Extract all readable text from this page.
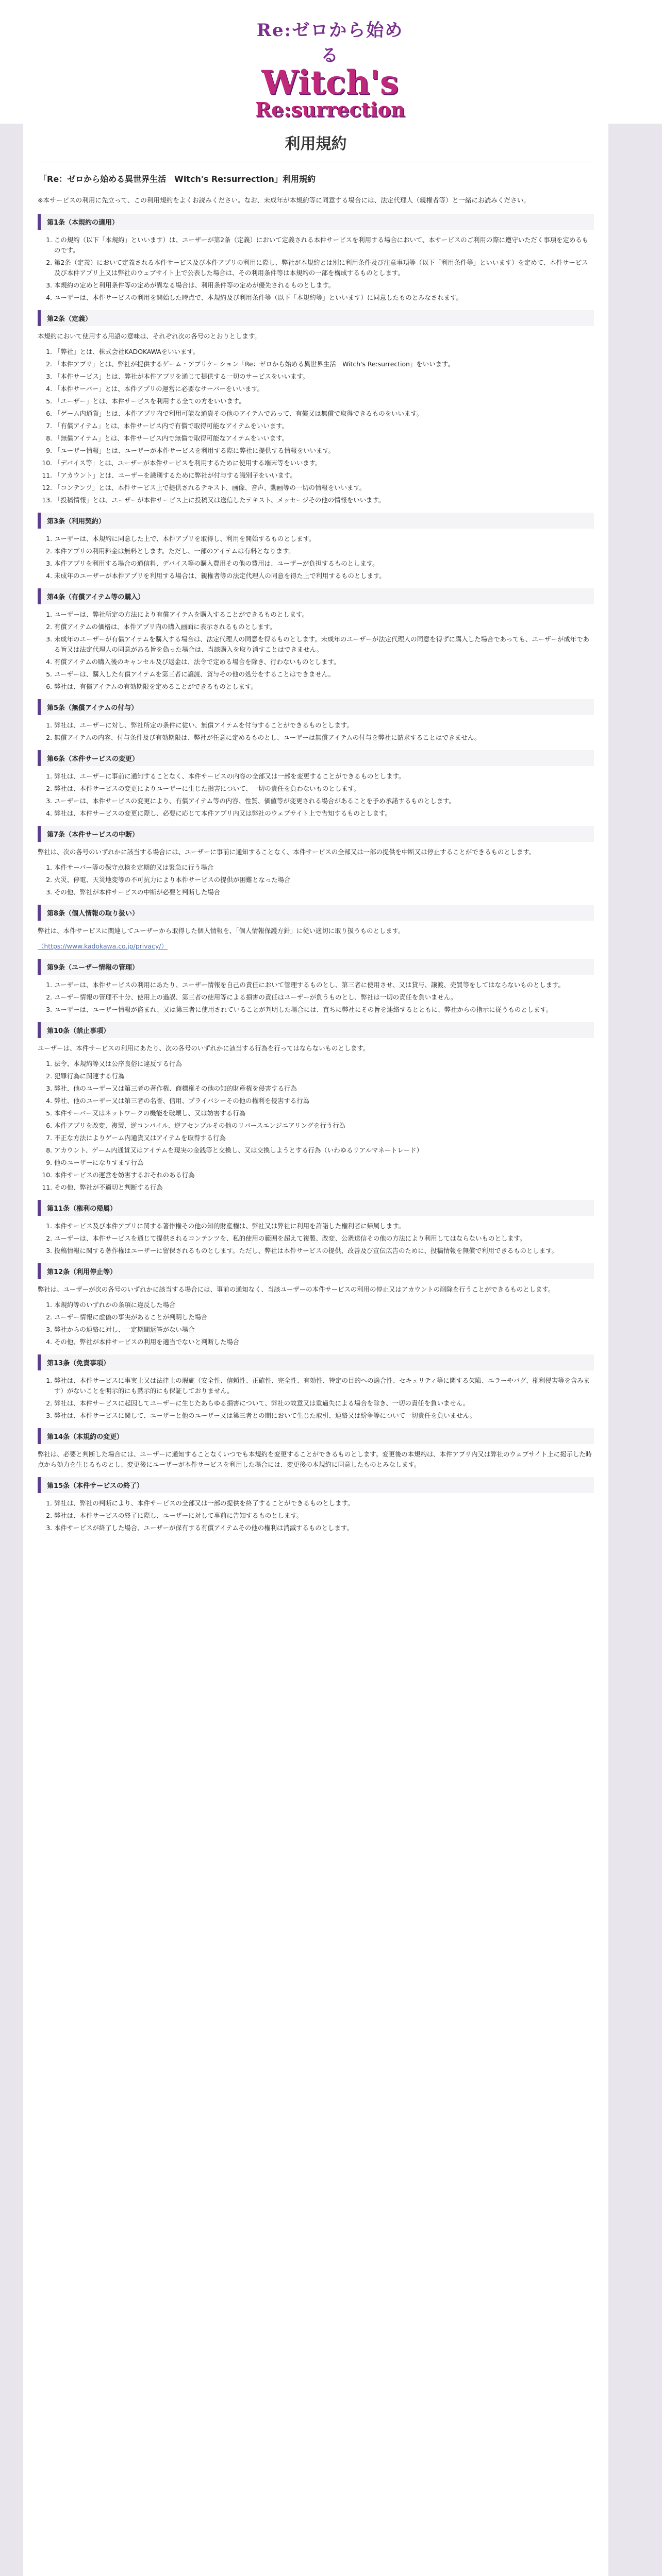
Re:ゼロから始める
Witch's
Re:surrection
利用規約
「Re：ゼロから始める異世界生活　Witch's Re:surrection」利用規約
※本サービスの利用に先立って、この利用規約をよくお読みください。なお、未成年が本規約等に同意する場合には、法定代理人（親権者等）と一緒にお読みください。
第1条（本規約の適用）
1. この規約（以下「本規約」といいます）は、ユーザーが第2条（定義）において定義される本件サービスを利用する場合において、本サービスのご利用の際に遵守いただく事項を定めるものです。
2. 第2条（定義）において定義される本件サービス及び本件アプリの利用に際し、弊社が本規約とは別に利用条件及び注意事項等（以下「利用条件等」といいます）を定めて、本件サービス及び本件アプリ上又は弊社のウェブサイト上で公表した場合は、その利用条件等は本規約の一部を構成するものとします。
3. 本規約の定めと利用条件等の定めが異なる場合は、利用条件等の定めが優先されるものとします。
4. ユーザーは、本件サービスの利用を開始した時点で、本規約及び利用条件等（以下「本規約等」といいます）に同意したものとみなされます。
第2条（定義）

本規約において使用する用語の意味は、それぞれ次の各号のとおりとします。

1. 「弊社」とは、株式会社KADOKAWAをいいます。
2. 「本件アプリ」とは、弊社が提供するゲーム・アプリケーション「Re：ゼロから始める異世界生活　Witch's Re:surrection」をいいます。
3. 「本件サービス」とは、弊社が本件アプリを通じて提供する一切のサービスをいいます。
4. 「本件サーバー」とは、本件アプリの運営に必要なサーバーをいいます。
5. 「ユーザー」とは、本件サービスを利用する全ての方をいいます。
6. 「ゲーム内通貨」とは、本件アプリ内で利用可能な通貨その他のアイテムであって、有償又は無償で取得できるものをいいます。
7. 「有償アイテム」とは、本件サービス内で有償で取得可能なアイテムをいいます。
8. 「無償アイテム」とは、本件サービス内で無償で取得可能なアイテムをいいます。
9. 「ユーザー情報」とは、ユーザーが本件サービスを利用する際に弊社に提供する情報をいいます。
10. 「デバイス等」とは、ユーザーが本件サービスを利用するために使用する端末等をいいます。
11. 「アカウント」とは、ユーザーを識別するために弊社が付与する識別子をいいます。
12. 「コンテンツ」とは、本件サービス上で提供されるテキスト、画像、音声、動画等の一切の情報をいいます。
13. 「投稿情報」とは、ユーザーが本件サービス上に投稿又は送信したテキスト、メッセージその他の情報をいいます。
第3条（利用契約）
1. ユーザーは、本規約に同意した上で、本件アプリを取得し、利用を開始するものとします。
2. 本件アプリの利用料金は無料とします。ただし、一部のアイテムは有料となります。
3. 本件アプリを利用する場合の通信料、デバイス等の購入費用その他の費用は、ユーザーが負担するものとします。
4. 未成年のユーザーが本件アプリを利用する場合は、親権者等の法定代理人の同意を得た上で利用するものとします。
第4条（有償アイテム等の購入）
1. ユーザーは、弊社所定の方法により有償アイテムを購入することができるものとします。
2. 有償アイテムの価格は、本件アプリ内の購入画面に表示されるものとします。
3. 未成年のユーザーが有償アイテムを購入する場合は、法定代理人の同意を得るものとします。未成年のユーザーが法定代理人の同意を得ずに購入した場合であっても、ユーザーが成年である旨又は法定代理人の同意がある旨を偽った場合は、当該購入を取り消すことはできません。
4. 有償アイテムの購入後のキャンセル及び返金は、法令で定める場合を除き、行わないものとします。
5. ユーザーは、購入した有償アイテムを第三者に譲渡、貸与その他の処分をすることはできません。
6. 弊社は、有償アイテムの有効期限を定めることができるものとします。
第5条（無償アイテムの付与）
1. 弊社は、ユーザーに対し、弊社所定の条件に従い、無償アイテムを付与することができるものとします。
2. 無償アイテムの内容、付与条件及び有効期限は、弊社が任意に定めるものとし、ユーザーは無償アイテムの付与を弊社に請求することはできません。
第6条（本件サービスの変更）
1. 弊社は、ユーザーに事前に通知することなく、本件サービスの内容の全部又は一部を変更することができるものとします。
2. 弊社は、本件サービスの変更によりユーザーに生じた損害について、一切の責任を負わないものとします。
3. ユーザーは、本件サービスの変更により、有償アイテム等の内容、性質、価値等が変更される場合があることを予め承諾するものとします。
4. 弊社は、本件サービスの変更に際し、必要に応じて本件アプリ内又は弊社のウェブサイト上で告知するものとします。
第7条（本件サービスの中断）

弊社は、次の各号のいずれかに該当する場合には、ユーザーに事前に通知することなく、本件サービスの全部又は一部の提供を中断又は停止することができるものとします。

1. 本件サーバー等の保守点検を定期的又は緊急に行う場合
2. 火災、停電、天災地変等の不可抗力により本件サービスの提供が困難となった場合
3. その他、弊社が本件サービスの中断が必要と判断した場合
第8条（個人情報の取り扱い）

弊社は、本件サービスに関連してユーザーから取得した個人情報を、「個人情報保護方針」に従い適切に取り扱うものとします。

（https://www.kadokawa.co.jp/privacy/）

第9条（ユーザー情報の管理）
1. ユーザーは、本件サービスの利用にあたり、ユーザー情報を自己の責任において管理するものとし、第三者に使用させ、又は貸与、譲渡、売買等をしてはならないものとします。
2. ユーザー情報の管理不十分、使用上の過誤、第三者の使用等による損害の責任はユーザーが負うものとし、弊社は一切の責任を負いません。
3. ユーザーは、ユーザー情報が盗まれ、又は第三者に使用されていることが判明した場合には、直ちに弊社にその旨を連絡するとともに、弊社からの指示に従うものとします。
第10条（禁止事項）

ユーザーは、本件サービスの利用にあたり、次の各号のいずれかに該当する行為を行ってはならないものとします。

1. 法令、本規約等又は公序良俗に違反する行為
2. 犯罪行為に関連する行為
3. 弊社、他のユーザー又は第三者の著作権、商標権その他の知的財産権を侵害する行為
4. 弊社、他のユーザー又は第三者の名誉、信用、プライバシーその他の権利を侵害する行為
5. 本件サーバー又はネットワークの機能を破壊し、又は妨害する行為
6. 本件アプリを改変、複製、逆コンパイル、逆アセンブルその他のリバースエンジニアリングを行う行為
7. 不正な方法によりゲーム内通貨又はアイテムを取得する行為
8. アカウント、ゲーム内通貨又はアイテムを現実の金銭等と交換し、又は交換しようとする行為（いわゆるリアルマネートレード）
9. 他のユーザーになりすます行為
10. 本件サービスの運営を妨害するおそれのある行為
11. その他、弊社が不適切と判断する行為
第11条（権利の帰属）
1. 本件サービス及び本件アプリに関する著作権その他の知的財産権は、弊社又は弊社に利用を許諾した権利者に帰属します。
2. ユーザーは、本件サービスを通じて提供されるコンテンツを、私的使用の範囲を超えて複製、改変、公衆送信その他の方法により利用してはならないものとします。
3. 投稿情報に関する著作権はユーザーに留保されるものとします。ただし、弊社は本件サービスの提供、改善及び宣伝広告のために、投稿情報を無償で利用できるものとします。
第12条（利用停止等）

弊社は、ユーザーが次の各号のいずれかに該当する場合には、事前の通知なく、当該ユーザーの本件サービスの利用の停止又はアカウントの削除を行うことができるものとします。

1. 本規約等のいずれかの条項に違反した場合
2. ユーザー情報に虚偽の事実があることが判明した場合
3. 弊社からの連絡に対し、一定期間返答がない場合
4. その他、弊社が本件サービスの利用を適当でないと判断した場合
第13条（免責事項）
1. 弊社は、本件サービスに事実上又は法律上の瑕疵（安全性、信頼性、正確性、完全性、有効性、特定の目的への適合性、セキュリティ等に関する欠陥、エラーやバグ、権利侵害等を含みます）がないことを明示的にも黙示的にも保証しておりません。
2. 弊社は、本件サービスに起因してユーザーに生じたあらゆる損害について、弊社の故意又は重過失による場合を除き、一切の責任を負いません。
3. 弊社は、本件サービスに関して、ユーザーと他のユーザー又は第三者との間において生じた取引、連絡又は紛争等について一切責任を負いません。
第14条（本規約の変更）

弊社は、必要と判断した場合には、ユーザーに通知することなくいつでも本規約を変更することができるものとします。変更後の本規約は、本件アプリ内又は弊社のウェブサイト上に掲示した時点から効力を生じるものとし、変更後にユーザーが本件サービスを利用した場合には、変更後の本規約に同意したものとみなします。

第15条（本件サービスの終了）
1. 弊社は、弊社の判断により、本件サービスの全部又は一部の提供を終了することができるものとします。
2. 弊社は、本件サービスの終了に際し、ユーザーに対して事前に告知するものとします。
3. 本件サービスが終了した場合、ユーザーが保有する有償アイテムその他の権利は消滅するものとします。
